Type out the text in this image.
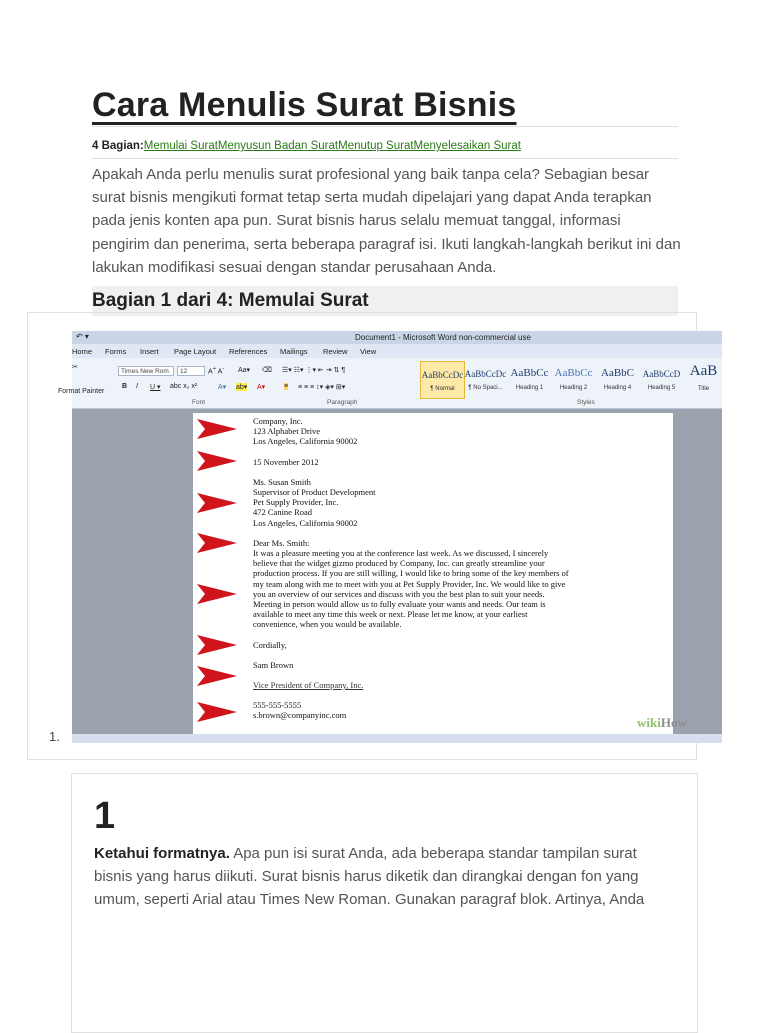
Cara Menulis Surat Bisnis
4 Bagian:Memulai SuratMenyusun Badan SuratMenutup SuratMenyelesaikan Surat

Apakah Anda perlu menulis surat profesional yang baik tanpa cela? Sebagian besar surat bisnis mengikuti format tetap serta mudah dipelajari yang dapat Anda terapkan pada jenis konten apa pun. Surat bisnis harus selalu memuat tanggal, informasi pengirim dan penerima, serta beberapa paragraf isi. Ikuti langkah-langkah berikut ini dan lakukan modifikasi sesuai dengan standar perusahaan Anda.

Bagian 1 dari 4: Memulai Surat
1.
↶ ▾	Document1 - Microsoft Word non-commercial use
Home Forms Insert Page Layout References Mailings Review View
✂
Format Painter
Times New Rom	12	A+ A- Aa▾ ⌫
B I U ▾ abc x₂ x²	A▾ ab▾ A▾
☰▾ ☷▾ ⋮▾ ⇤ ⇥ ⇅ ¶
≡ ≡ ≡ ≡ ↕▾ ◈▾ ⊞▾
Font	Paragraph	Styles
AaBbCcDc
¶ Normal
AaBbCcDc
¶ No Spaci...
AaBbCc
Heading 1
AaBbCc
Heading 2
AaBbC
Heading 4
AaBbCcD
Heading 5
AaB
Title

Company, Inc.

123 Alphabet Drive

Los Angeles, California 90002

15 November 2012

Ms. Susan Smith

Supervisor of Product Development

Pet Supply Provider, Inc.

472 Canine Road

Los Angeles, California 90002

Dear Ms. Smith:

It was a pleasure meeting you at the conference last week. As we discussed, I sincerely

believe that the widget gizmo produced by Company, Inc. can greatly streamline your

production process. If you are still willing, I would like to bring some of the key members of

my team along with me to meet with you at Pet Supply Provider, Inc. We would like to give

you an overview of our services and discuss with you the best plan to suit your needs.

Meeting in person would allow us to fully evaluate your wants and needs. Our team is

available to meet any time this week or next. Please let me know, at your earliest

convenience, when you would be available.

Cordially,

Sam Brown

Vice President of Company, Inc.

555-555-5555

s.brown@companyinc.com	wikiHow
1

Ketahui formatnya. Apa pun isi surat Anda, ada beberapa standar tampilan surat bisnis yang harus diikuti. Surat bisnis harus diketik dan dirangkai dengan fon yang umum, seperti Arial atau Times New Roman. Gunakan paragraf blok. Artinya, Anda
